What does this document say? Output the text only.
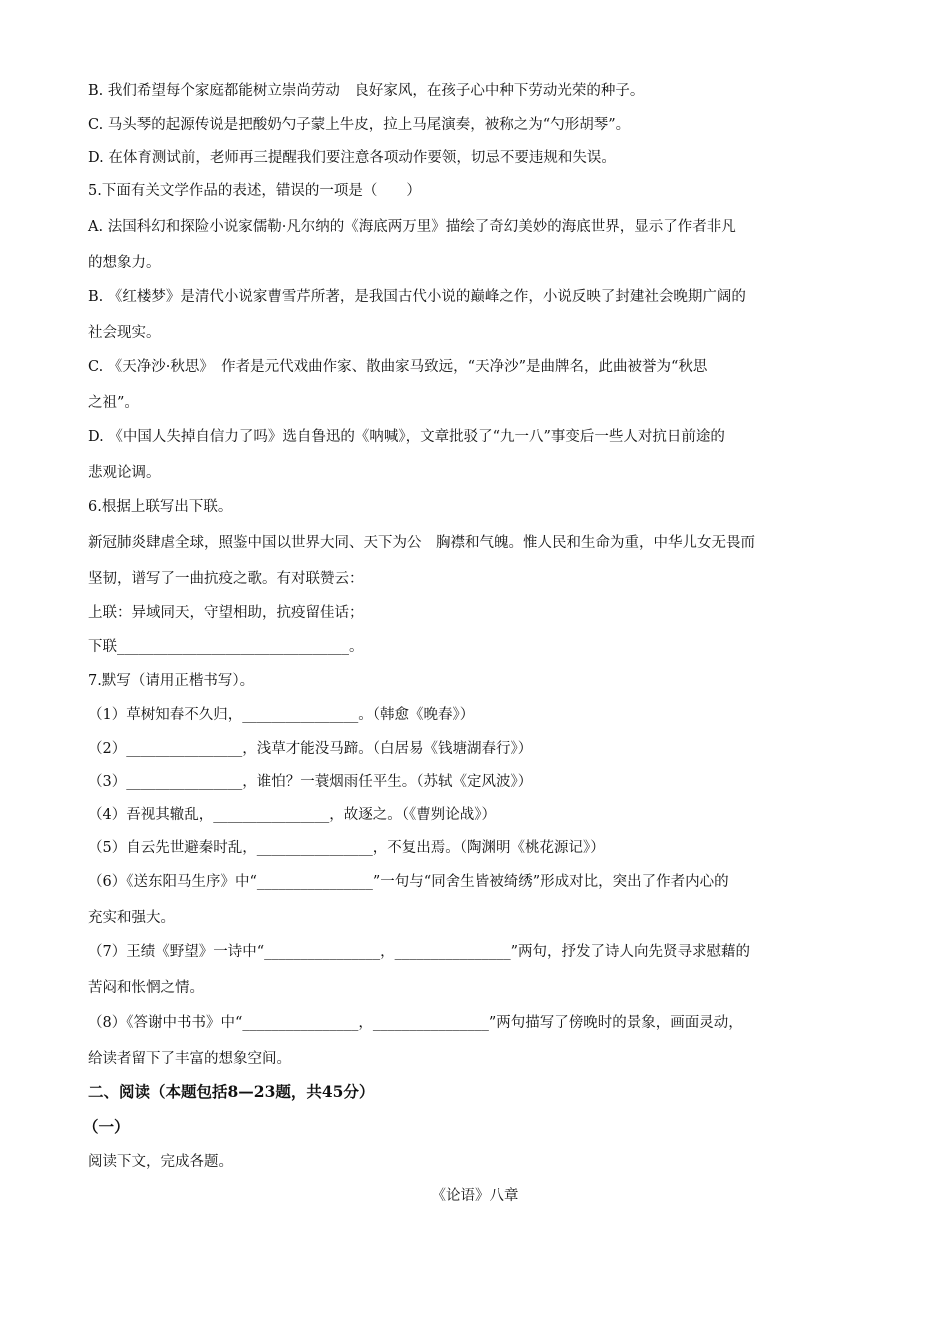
B. 我们希望每个家庭都能树立崇尚劳动　良好家风，在孩子心中种下劳动光荣的种子。
C. 马头琴的起源传说是把酸奶勺子蒙上牛皮，拉上马尾演奏，被称之为“勺形胡琴”。
D. 在体育测试前，老师再三提醒我们要注意各项动作要领，切忌不要违规和失误。
5.下面有关文学作品的表述，错误的一项是（　　）
A. 法国科幻和探险小说家儒勒·凡尔纳的《海底两万里》描绘了奇幻美妙的海底世界，显示了作者非凡
的想象力。
B. 《红楼梦》是清代小说家曹雪芹所著，是我国古代小说的巅峰之作，小说反映了封建社会晚期广阔的
社会现实。
C. 《天净沙·秋思》　作者是元代戏曲作家、散曲家马致远，“天净沙”是曲牌名，此曲被誉为“秋思
之祖”。
D. 《中国人失掉自信力了吗》选自鲁迅的《呐喊》，文章批驳了“九一八”事变后一些人对抗日前途的
悲观论调。
6.根据上联写出下联。
新冠肺炎肆虐全球，照鉴中国以世界大同、天下为公　胸襟和气魄。惟人民和生命为重，中华儿女无畏而
坚韧，谱写了一曲抗疫之歌。有对联赞云：
上联：异域同天，守望相助，抗疫留佳话；
下联________________________________。
7.默写（请用正楷书写）。
（1）草树知春不久归，________________。（韩愈《晚春》）
（2）________________，浅草才能没马蹄。（白居易《钱塘湖春行》）
（3）________________，谁怕？一蓑烟雨任平生。（苏轼《定风波》）
（4）吾视其辙乱，________________，故逐之。（《曹刿论战》）
（5）自云先世避秦时乱，________________，不复出焉。（陶渊明《桃花源记》）
（6）《送东阳马生序》中“________________”一句与“同舍生皆被绮绣”形成对比，突出了作者内心的
充实和强大。
（7）王绩《野望》一诗中“________________，________________”两句，抒发了诗人向先贤寻求慰藉的
苦闷和怅惘之情。
（8）《答谢中书书》中“________________，________________”两句描写了傍晚时的景象，画面灵动，
给读者留下了丰富的想象空间。
二、阅读（本题包括8—23题，共45分）
（一）
阅读下文，完成各题。
《论语》八章
